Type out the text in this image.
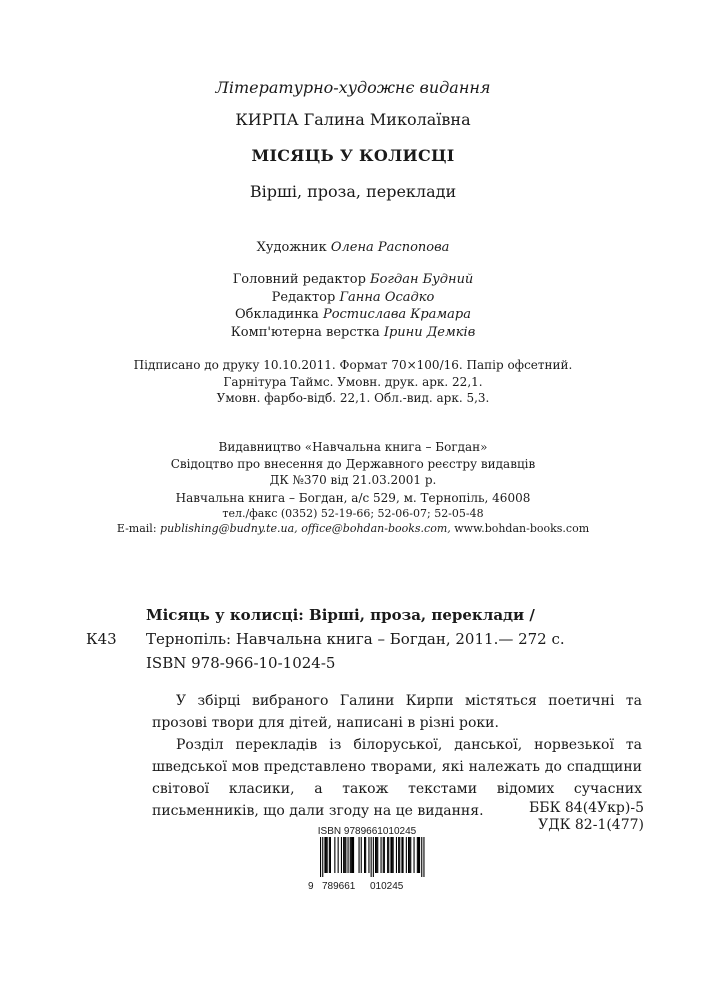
Літературно-художнє видання
КИРПА Галина Миколаївна
МІСЯЦЬ У КОЛИСЦІ
Вірші, проза, переклади
Художник Олена Распопова
Головний редактор Богдан Будний
Редактор Ганна Осадко
Обкладинка Ростислава Крамара
Комп'ютерна верстка Ірини Демків
Підписано до друку 10.10.2011. Формат 70×100/16. Папір офсетний.
Гарнітура Таймс. Умовн. друк. арк. 22,1.
Умовн. фарбо-відб. 22,1. Обл.-вид. арк. 5,3.
Видавництво «Навчальна книга – Богдан»
Свідоцтво про внесення до Державного реєстру видавців
ДК №370 від 21.03.2001 р.
Навчальна книга – Богдан, а/с 529, м. Тернопіль, 46008
тел./факс (0352) 52-19-66; 52-06-07; 52-05-48
E-mail: publishing@budny.te.ua, office@bohdan-books.com, www.bohdan-books.com
Місяць у колисці: Вірші, проза, переклади /
К43 Тернопіль: Навчальна книга – Богдан, 2011.— 272 с.
ISBN 978-966-10-1024-5

У збірці вибраного Галини Кирпи містяться поетичні та прозові твори для дітей, написані в різні роки.

Розділ перекладів із білоруської, данської, норвезької та шведської мов представлено творами, які належать до спадщини світової класики, а також текстами відомих сучасних письменників, що дали згоду на це видання.	ББК 84(4Укр)-5
УДК 82-1(477)
ISBN 9789661010245
9 789661 010245
